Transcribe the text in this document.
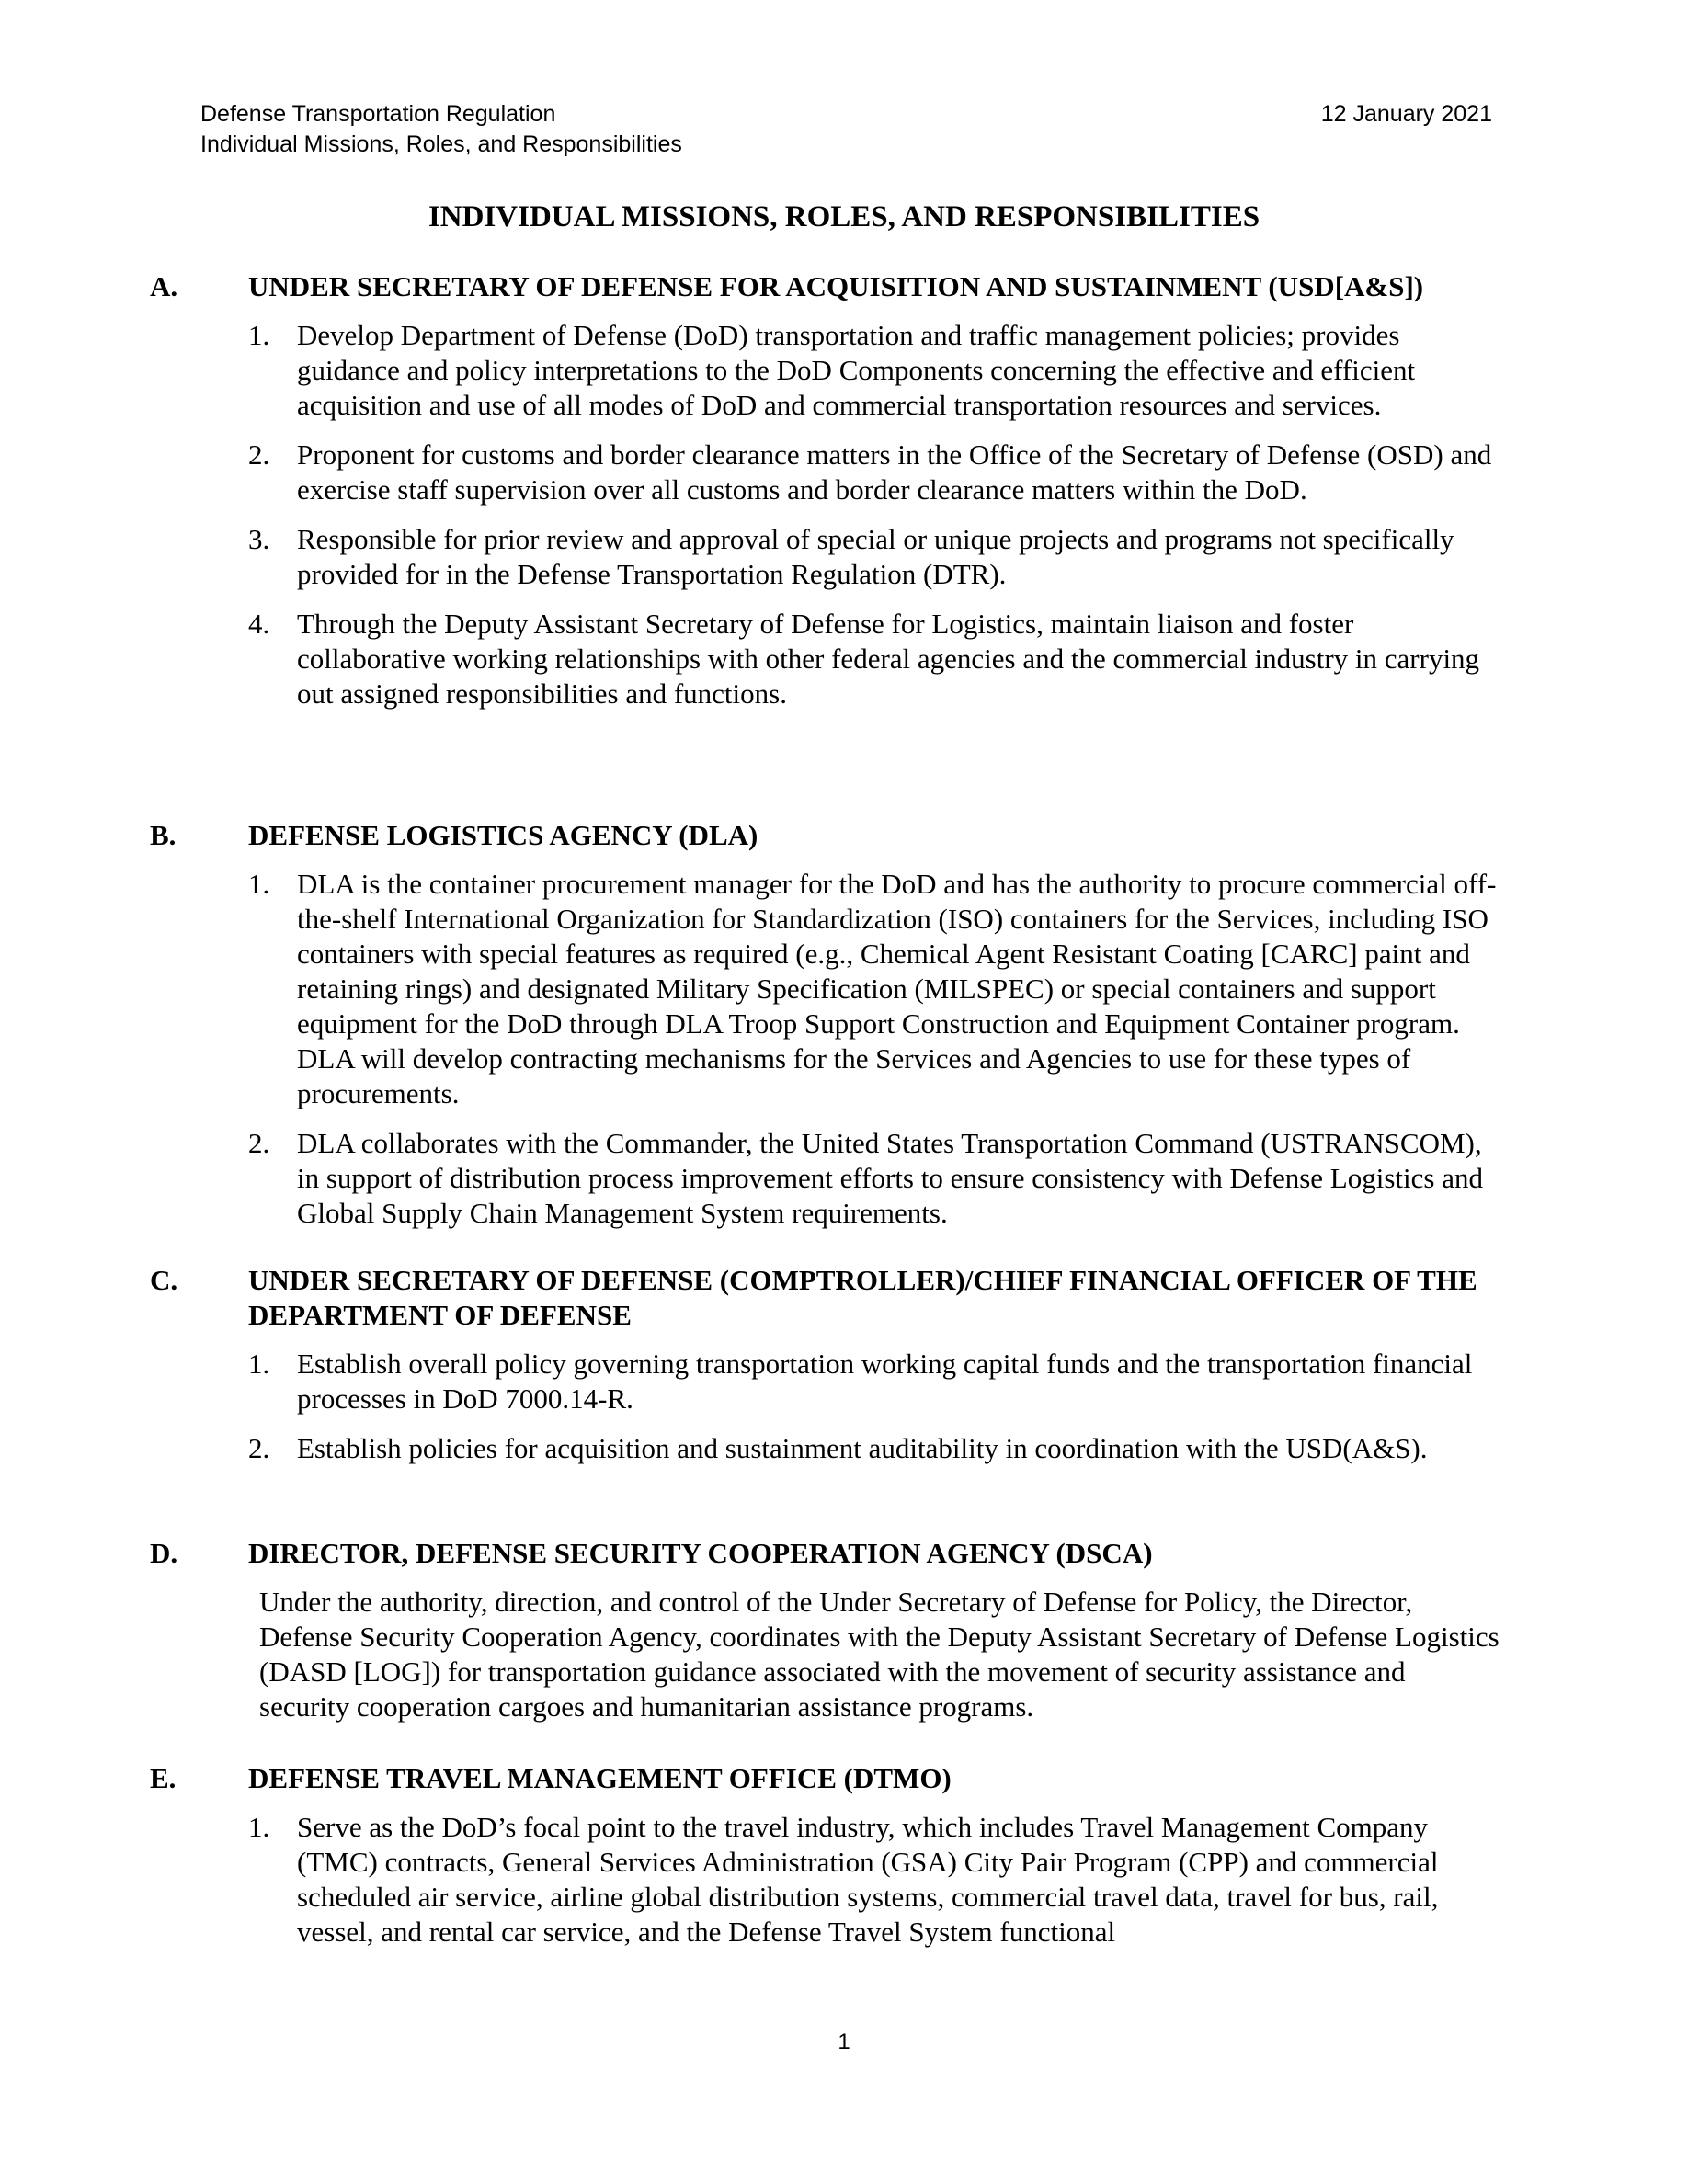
Defense Transportation Regulation
Individual Missions, Roles, and Responsibilities
12 January 2021
INDIVIDUAL MISSIONS, ROLES, AND RESPONSIBILITIES
A. UNDER SECRETARY OF DEFENSE FOR ACQUISITION AND SUSTAINMENT (USD[A&S])
1. Develop Department of Defense (DoD) transportation and traffic management policies; provides guidance and policy interpretations to the DoD Components concerning the effective and efficient acquisition and use of all modes of DoD and commercial transportation resources and services.
2. Proponent for customs and border clearance matters in the Office of the Secretary of Defense (OSD) and exercise staff supervision over all customs and border clearance matters within the DoD.
3. Responsible for prior review and approval of special or unique projects and programs not specifically provided for in the Defense Transportation Regulation (DTR).
4. Through the Deputy Assistant Secretary of Defense for Logistics, maintain liaison and foster collaborative working relationships with other federal agencies and the commercial industry in carrying out assigned responsibilities and functions.
B.	DEFENSE LOGISTICS AGENCY (DLA)
1. DLA is the container procurement manager for the DoD and has the authority to procure commercial off-the-shelf International Organization for Standardization (ISO) containers for the Services, including ISO containers with special features as required (e.g., Chemical Agent Resistant Coating [CARC] paint and retaining rings) and designated Military Specification (MILSPEC) or special containers and support equipment for the DoD through DLA Troop Support Construction and Equipment Container program. DLA will develop contracting mechanisms for the Services and Agencies to use for these types of procurements.
2. DLA collaborates with the Commander, the United States Transportation Command (USTRANSCOM), in support of distribution process improvement efforts to ensure consistency with Defense Logistics and Global Supply Chain Management System requirements.
C. UNDER SECRETARY OF DEFENSE (COMPTROLLER)/CHIEF FINANCIAL OFFICER OF THE DEPARTMENT OF DEFENSE
1. Establish overall policy governing transportation working capital funds and the transportation financial processes in DoD 7000.14-R.
2. Establish policies for acquisition and sustainment auditability in coordination with the USD(A&S).
D. DIRECTOR, DEFENSE SECURITY COOPERATION AGENCY (DSCA)
Under the authority, direction, and control of the Under Secretary of Defense for Policy, the Director, Defense Security Cooperation Agency, coordinates with the Deputy Assistant Secretary of Defense Logistics (DASD [LOG]) for transportation guidance associated with the movement of security assistance and security cooperation cargoes and humanitarian assistance programs.
E.	DEFENSE TRAVEL MANAGEMENT OFFICE (DTMO)
1. Serve as the DoD’s focal point to the travel industry, which includes Travel Management Company (TMC) contracts, General Services Administration (GSA) City Pair Program (CPP) and commercial scheduled air service, airline global distribution systems, commercial travel data, travel for bus, rail, vessel, and rental car service, and the Defense Travel System functional
1
